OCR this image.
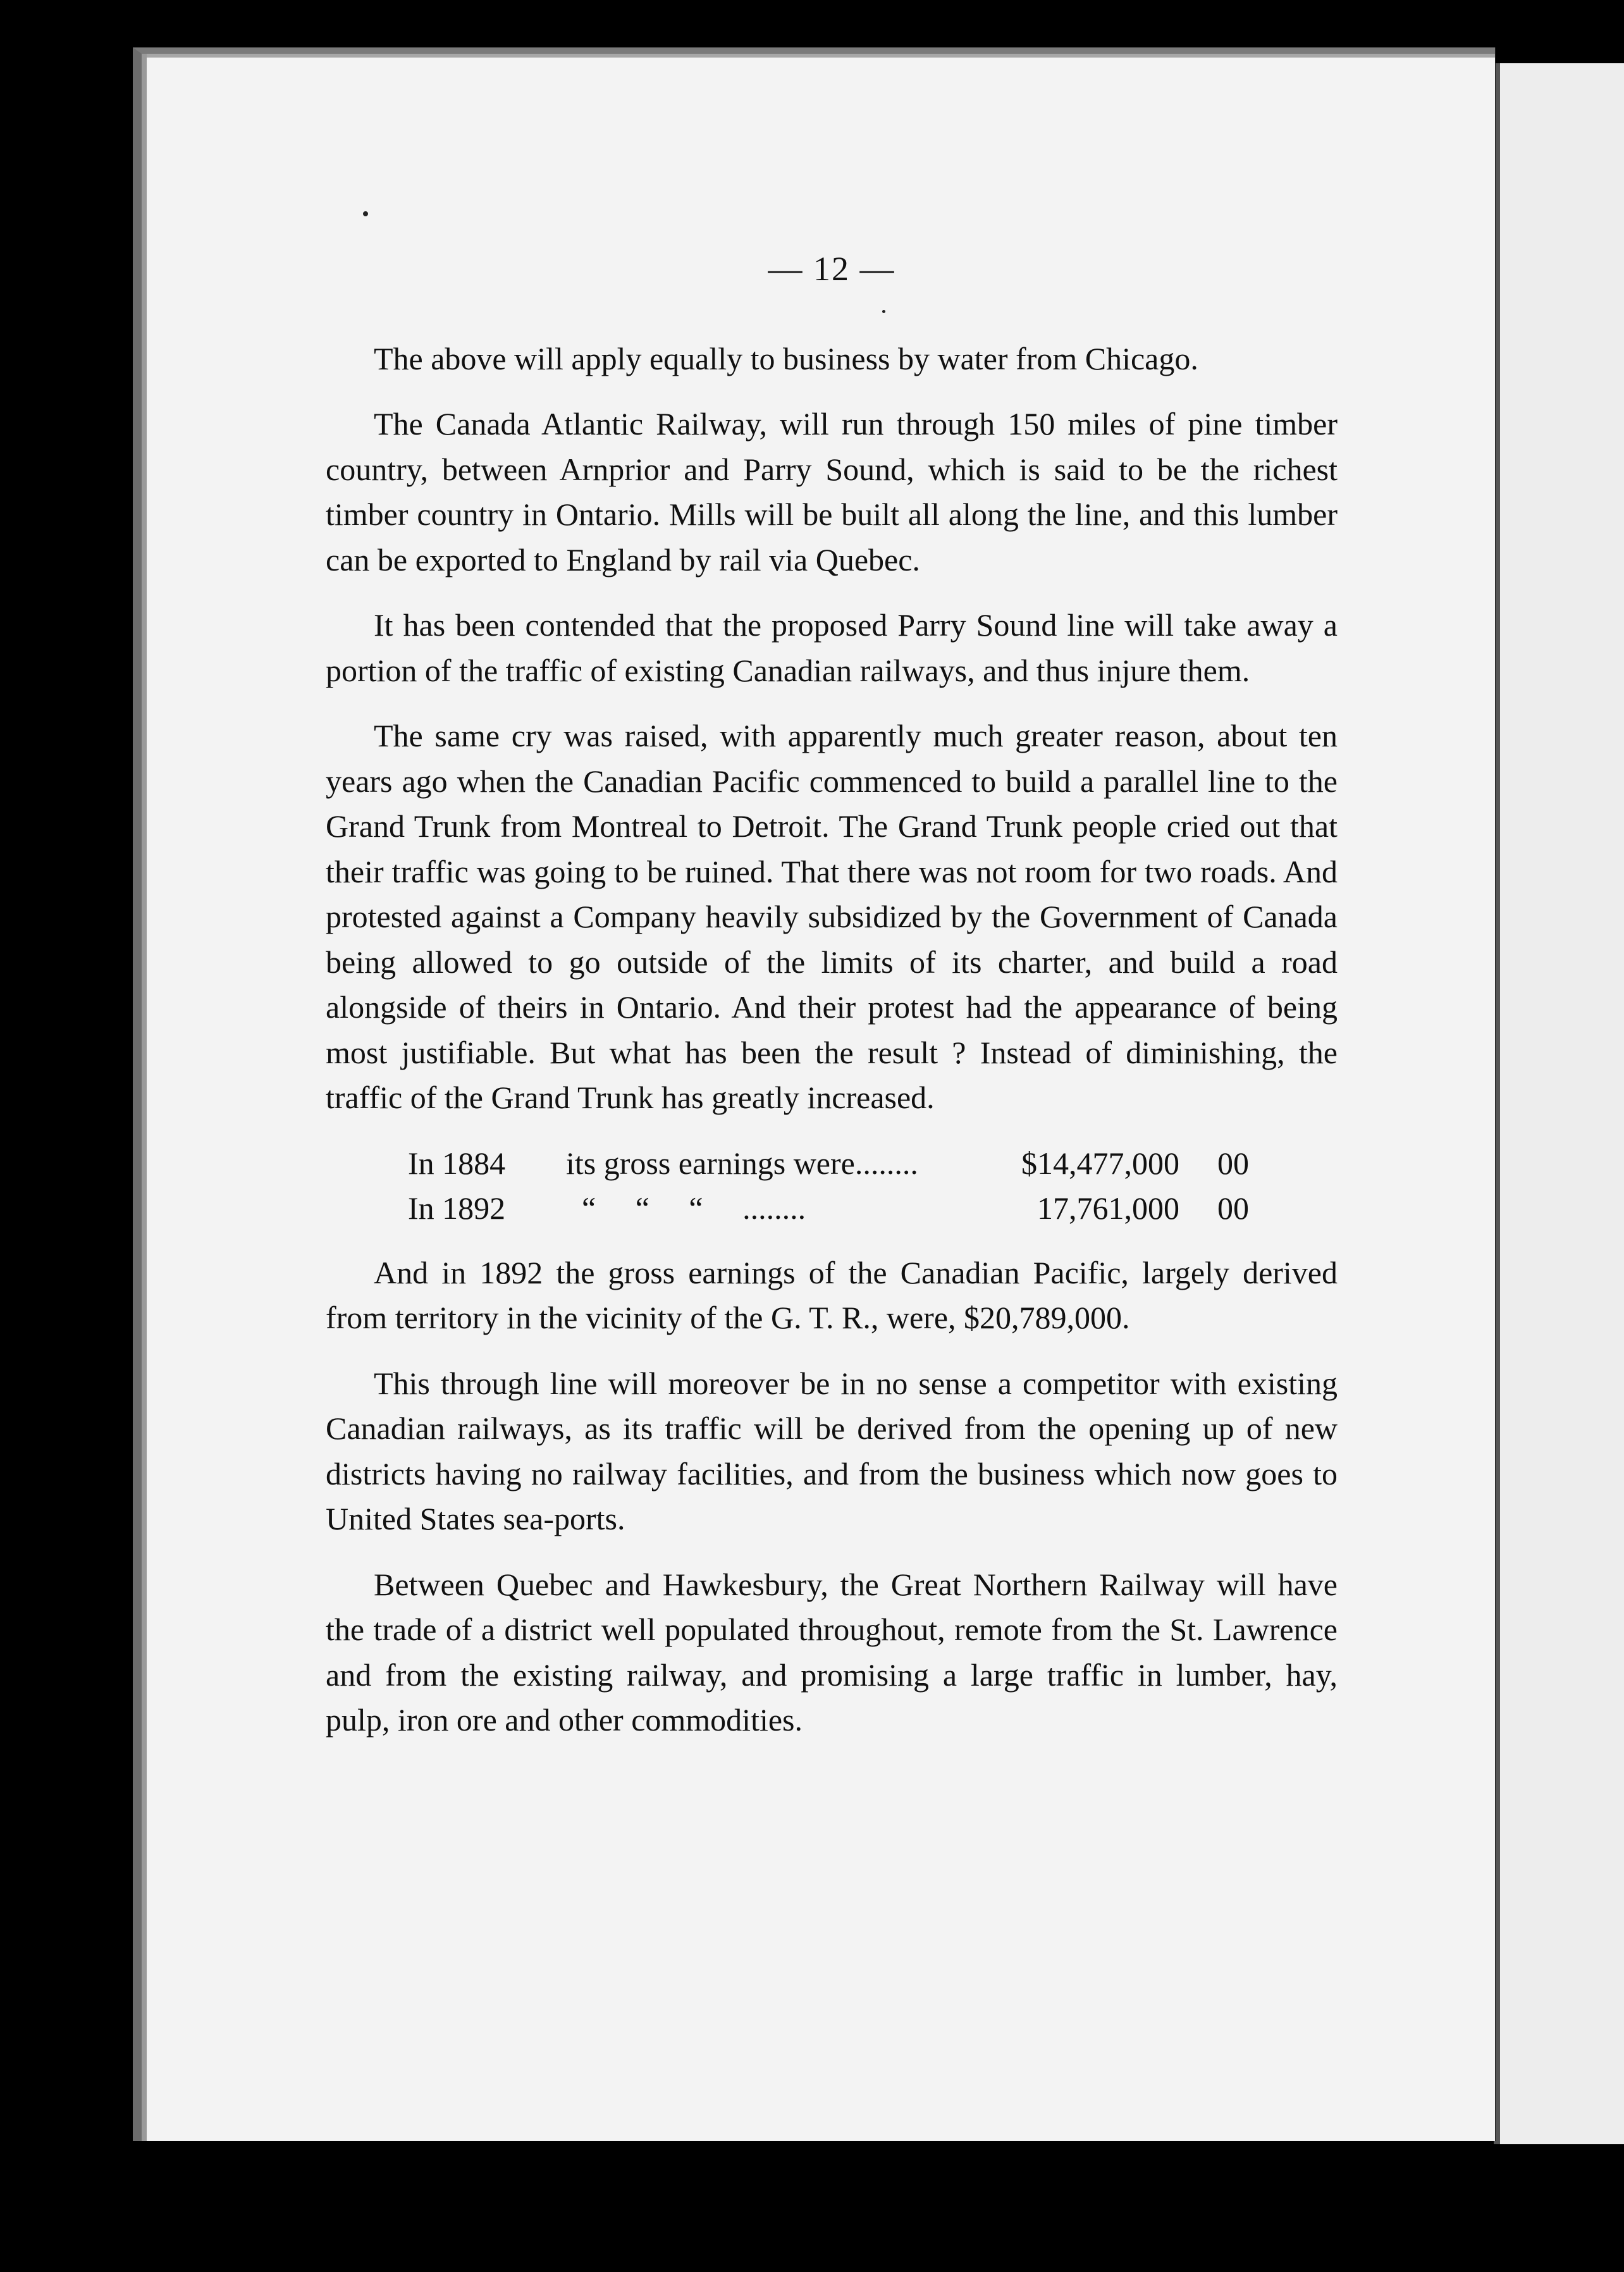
— 12 —

The above will apply equally to business by water from Chicago.

The Canada Atlantic Railway, will run through 150 miles of pine timber country, between Arnprior and Parry Sound, which is said to be the richest timber country in Ontario. Mills will be built all along the line, and this lumber can be exported to England by rail via Quebec.

It has been contended that the proposed Parry Sound line will take away a portion of the traffic of existing Canadian railways, and thus injure them.

The same cry was raised, with apparently much greater reason, about ten years ago when the Canadian Pacific commenced to build a parallel line to the Grand Trunk from Montreal to Detroit. The Grand Trunk people cried out that their traffic was going to be ruined. That there was not room for two roads. And protested against a Company heavily subsidized by the Government of Canada being allowed to go outside of the limits of its charter, and build a road alongside of theirs in Ontario. And their protest had the appearance of being most justifiable. But what has been the result ? Instead of diminishing, the traffic of the Grand Trunk has greatly increased.

In 1884	its gross earnings were........	$14,477,000	00
In 1892	“     “     “     ........	17,761,000	00

And in 1892 the gross earnings of the Canadian Pacific, largely derived from territory in the vicinity of the G. T. R., were, $20,789,000.

This through line will moreover be in no sense a competitor with existing Canadian railways, as its traffic will be derived from the opening up of new districts having no railway facilities, and from the business which now goes to United States sea-ports.

Between Quebec and Hawkesbury, the Great Northern Railway will have the trade of a district well populated throughout, remote from the St. Lawrence and from the existing railway, and promising a large traffic in lumber, hay, pulp, iron ore and other commodities.
